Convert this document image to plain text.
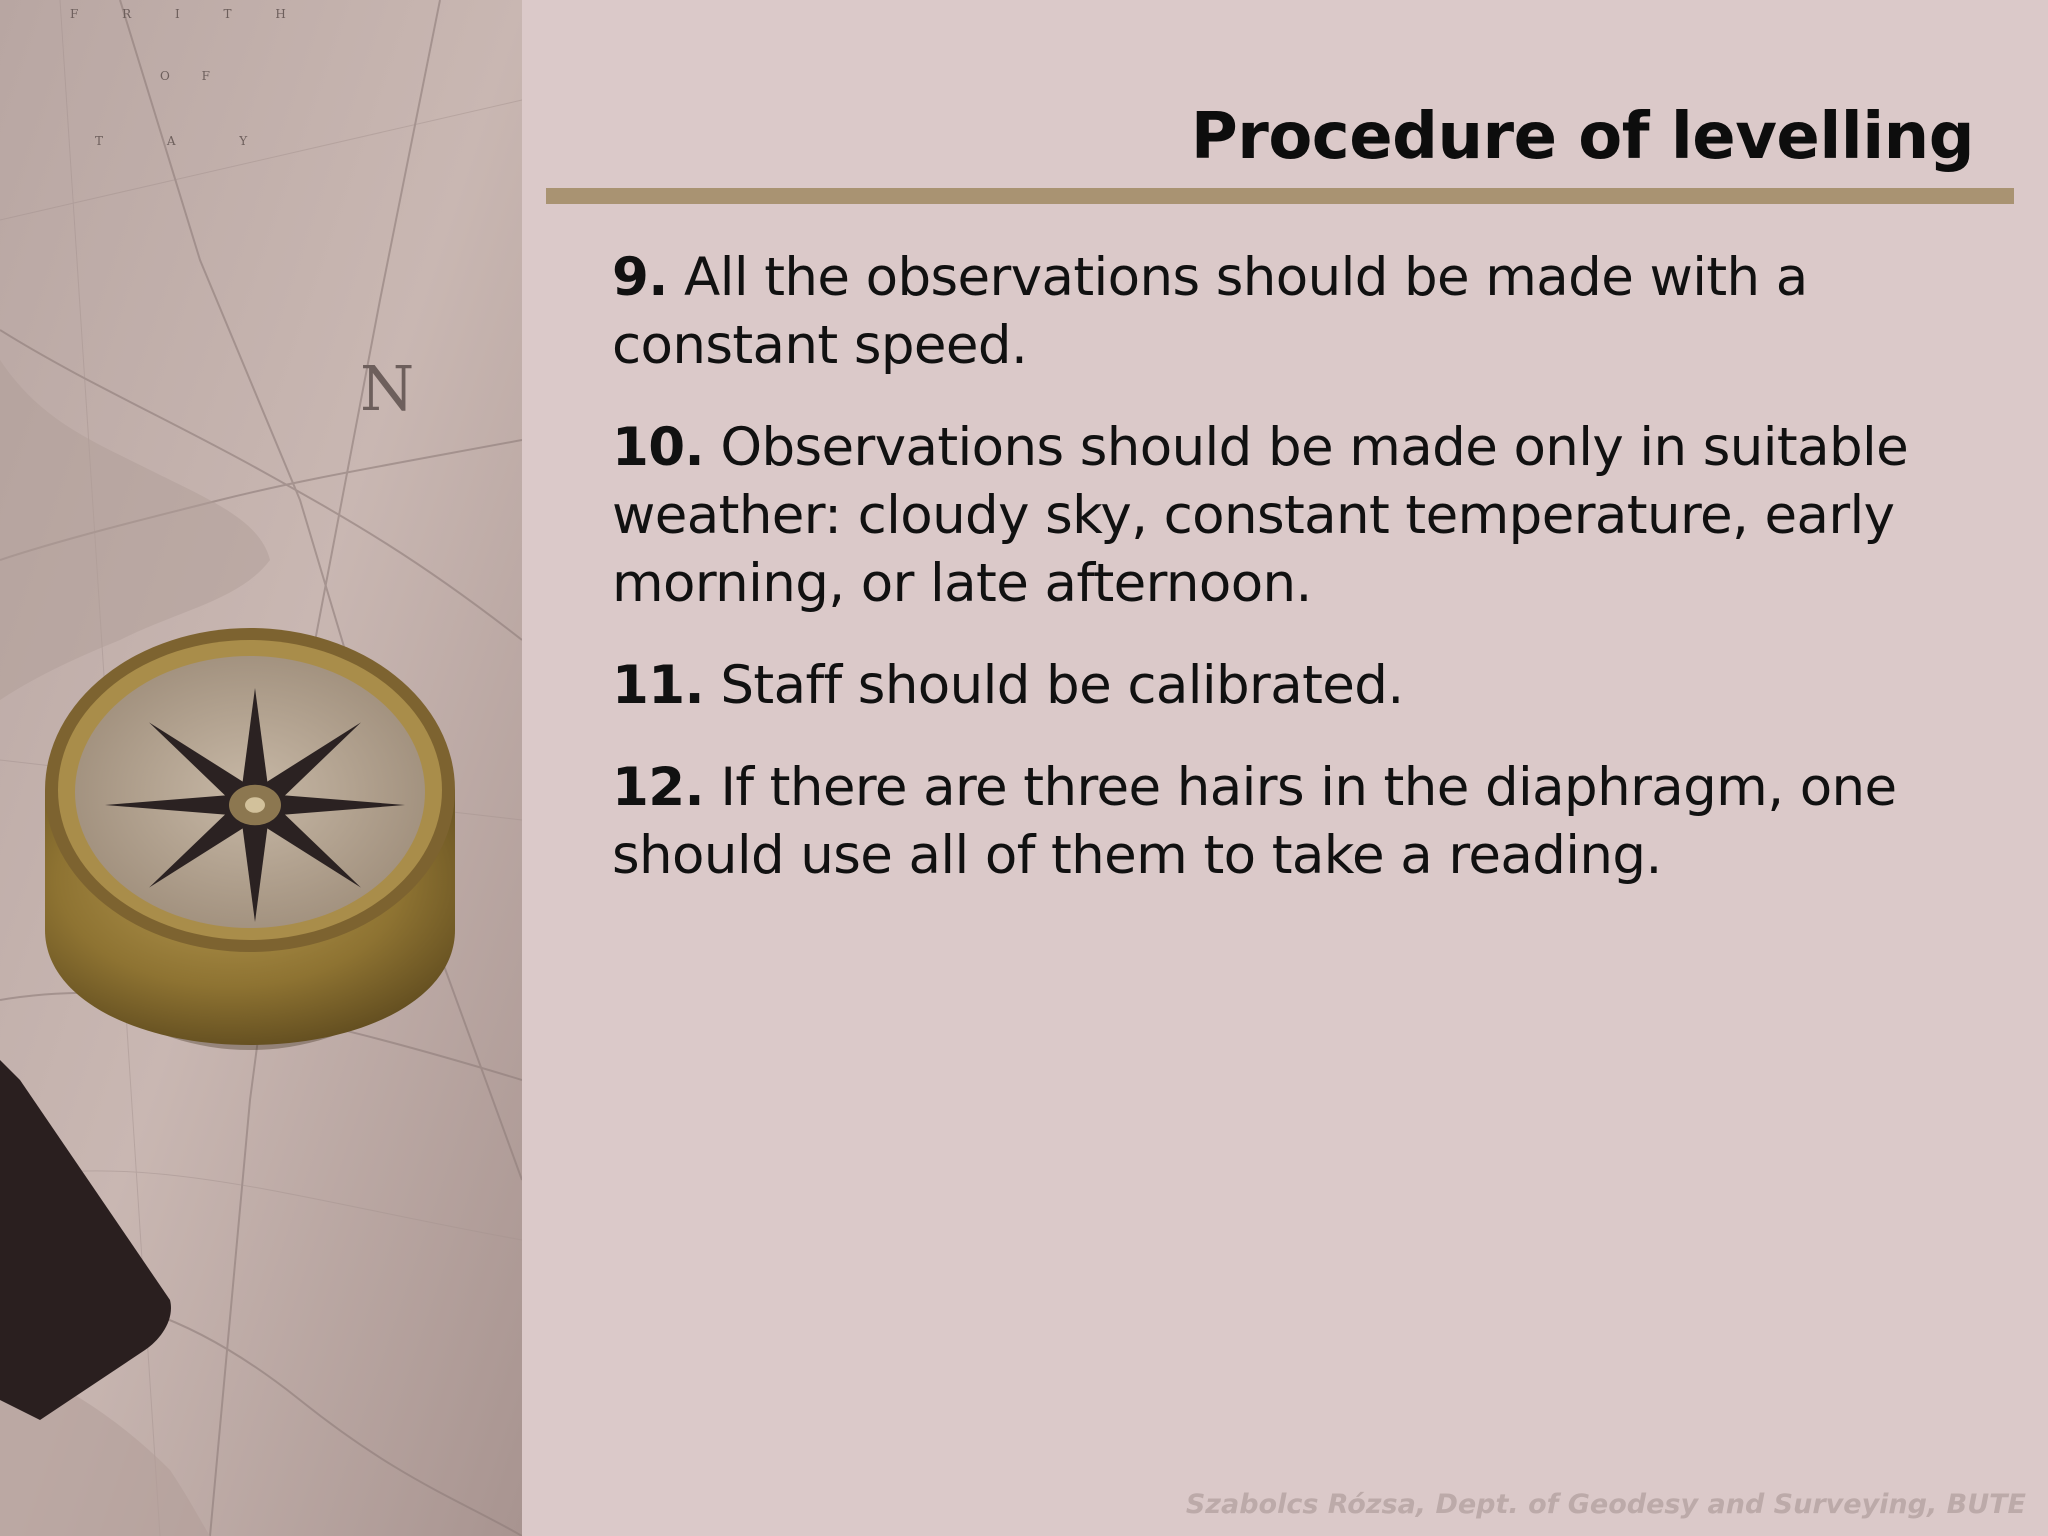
N
F R I T H
O F
T A Y	Procedure of levelling
9. All the observations should be made with a constant speed.
10. Observations should be made only in suitable weather: cloudy sky, constant temperature, early morning, or late afternoon.
11. Staff should be calibrated.
12. If there are three hairs in the diaphragm, one should use all of them to take a reading.
Szabolcs Rózsa, Dept. of Geodesy and Surveying, BUTE
